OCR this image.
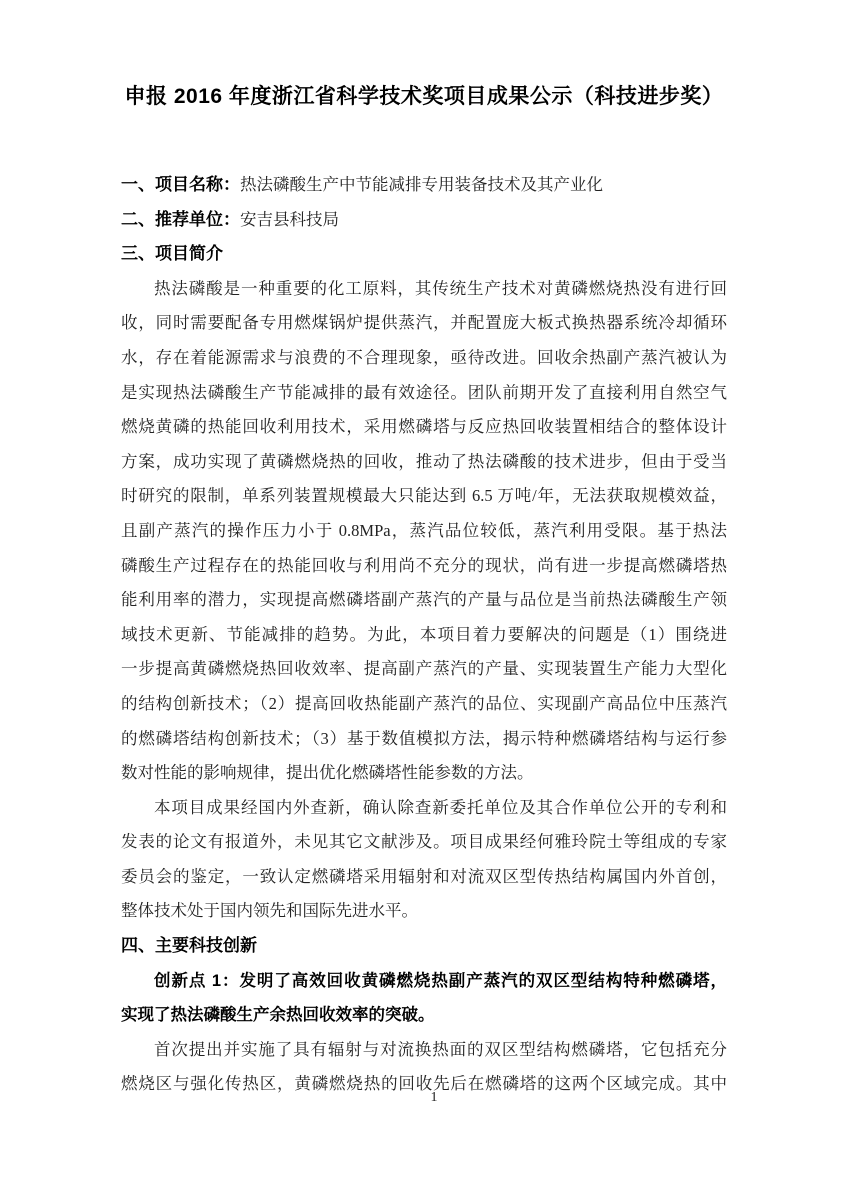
申报 2016 年度浙江省科学技术奖项目成果公示（科技进步奖）
一、项目名称：热法磷酸生产中节能减排专用装备技术及其产业化
二、推荐单位：安吉县科技局
三、项目简介
热法磷酸是一种重要的化工原料，其传统生产技术对黄磷燃烧热没有进行回
收，同时需要配备专用燃煤锅炉提供蒸汽，并配置庞大板式换热器系统冷却循环
水，存在着能源需求与浪费的不合理现象，亟待改进。回收余热副产蒸汽被认为
是实现热法磷酸生产节能减排的最有效途径。团队前期开发了直接利用自然空气
燃烧黄磷的热能回收利用技术，采用燃磷塔与反应热回收装置相结合的整体设计
方案，成功实现了黄磷燃烧热的回收，推动了热法磷酸的技术进步，但由于受当
时研究的限制，单系列装置规模最大只能达到 6.5 万吨/年，无法获取规模效益，
且副产蒸汽的操作压力小于 0.8MPa，蒸汽品位较低，蒸汽利用受限。基于热法
磷酸生产过程存在的热能回收与利用尚不充分的现状，尚有进一步提高燃磷塔热
能利用率的潜力，实现提高燃磷塔副产蒸汽的产量与品位是当前热法磷酸生产领
域技术更新、节能减排的趋势。为此，本项目着力要解决的问题是（1）围绕进
一步提高黄磷燃烧热回收效率、提高副产蒸汽的产量、实现装置生产能力大型化
的结构创新技术；（2）提高回收热能副产蒸汽的品位、实现副产高品位中压蒸汽
的燃磷塔结构创新技术；（3）基于数值模拟方法，揭示特种燃磷塔结构与运行参
数对性能的影响规律，提出优化燃磷塔性能参数的方法。
本项目成果经国内外查新，确认除查新委托单位及其合作单位公开的专利和
发表的论文有报道外，未见其它文献涉及。项目成果经何雅玲院士等组成的专家
委员会的鉴定，一致认定燃磷塔采用辐射和对流双区型传热结构属国内外首创，
整体技术处于国内领先和国际先进水平。
四、主要科技创新
创新点 1：发明了高效回收黄磷燃烧热副产蒸汽的双区型结构特种燃磷塔，
实现了热法磷酸生产余热回收效率的突破。
首次提出并实施了具有辐射与对流换热面的双区型结构燃磷塔，它包括充分
燃烧区与强化传热区，黄磷燃烧热的回收先后在燃磷塔的这两个区域完成。其中
1
